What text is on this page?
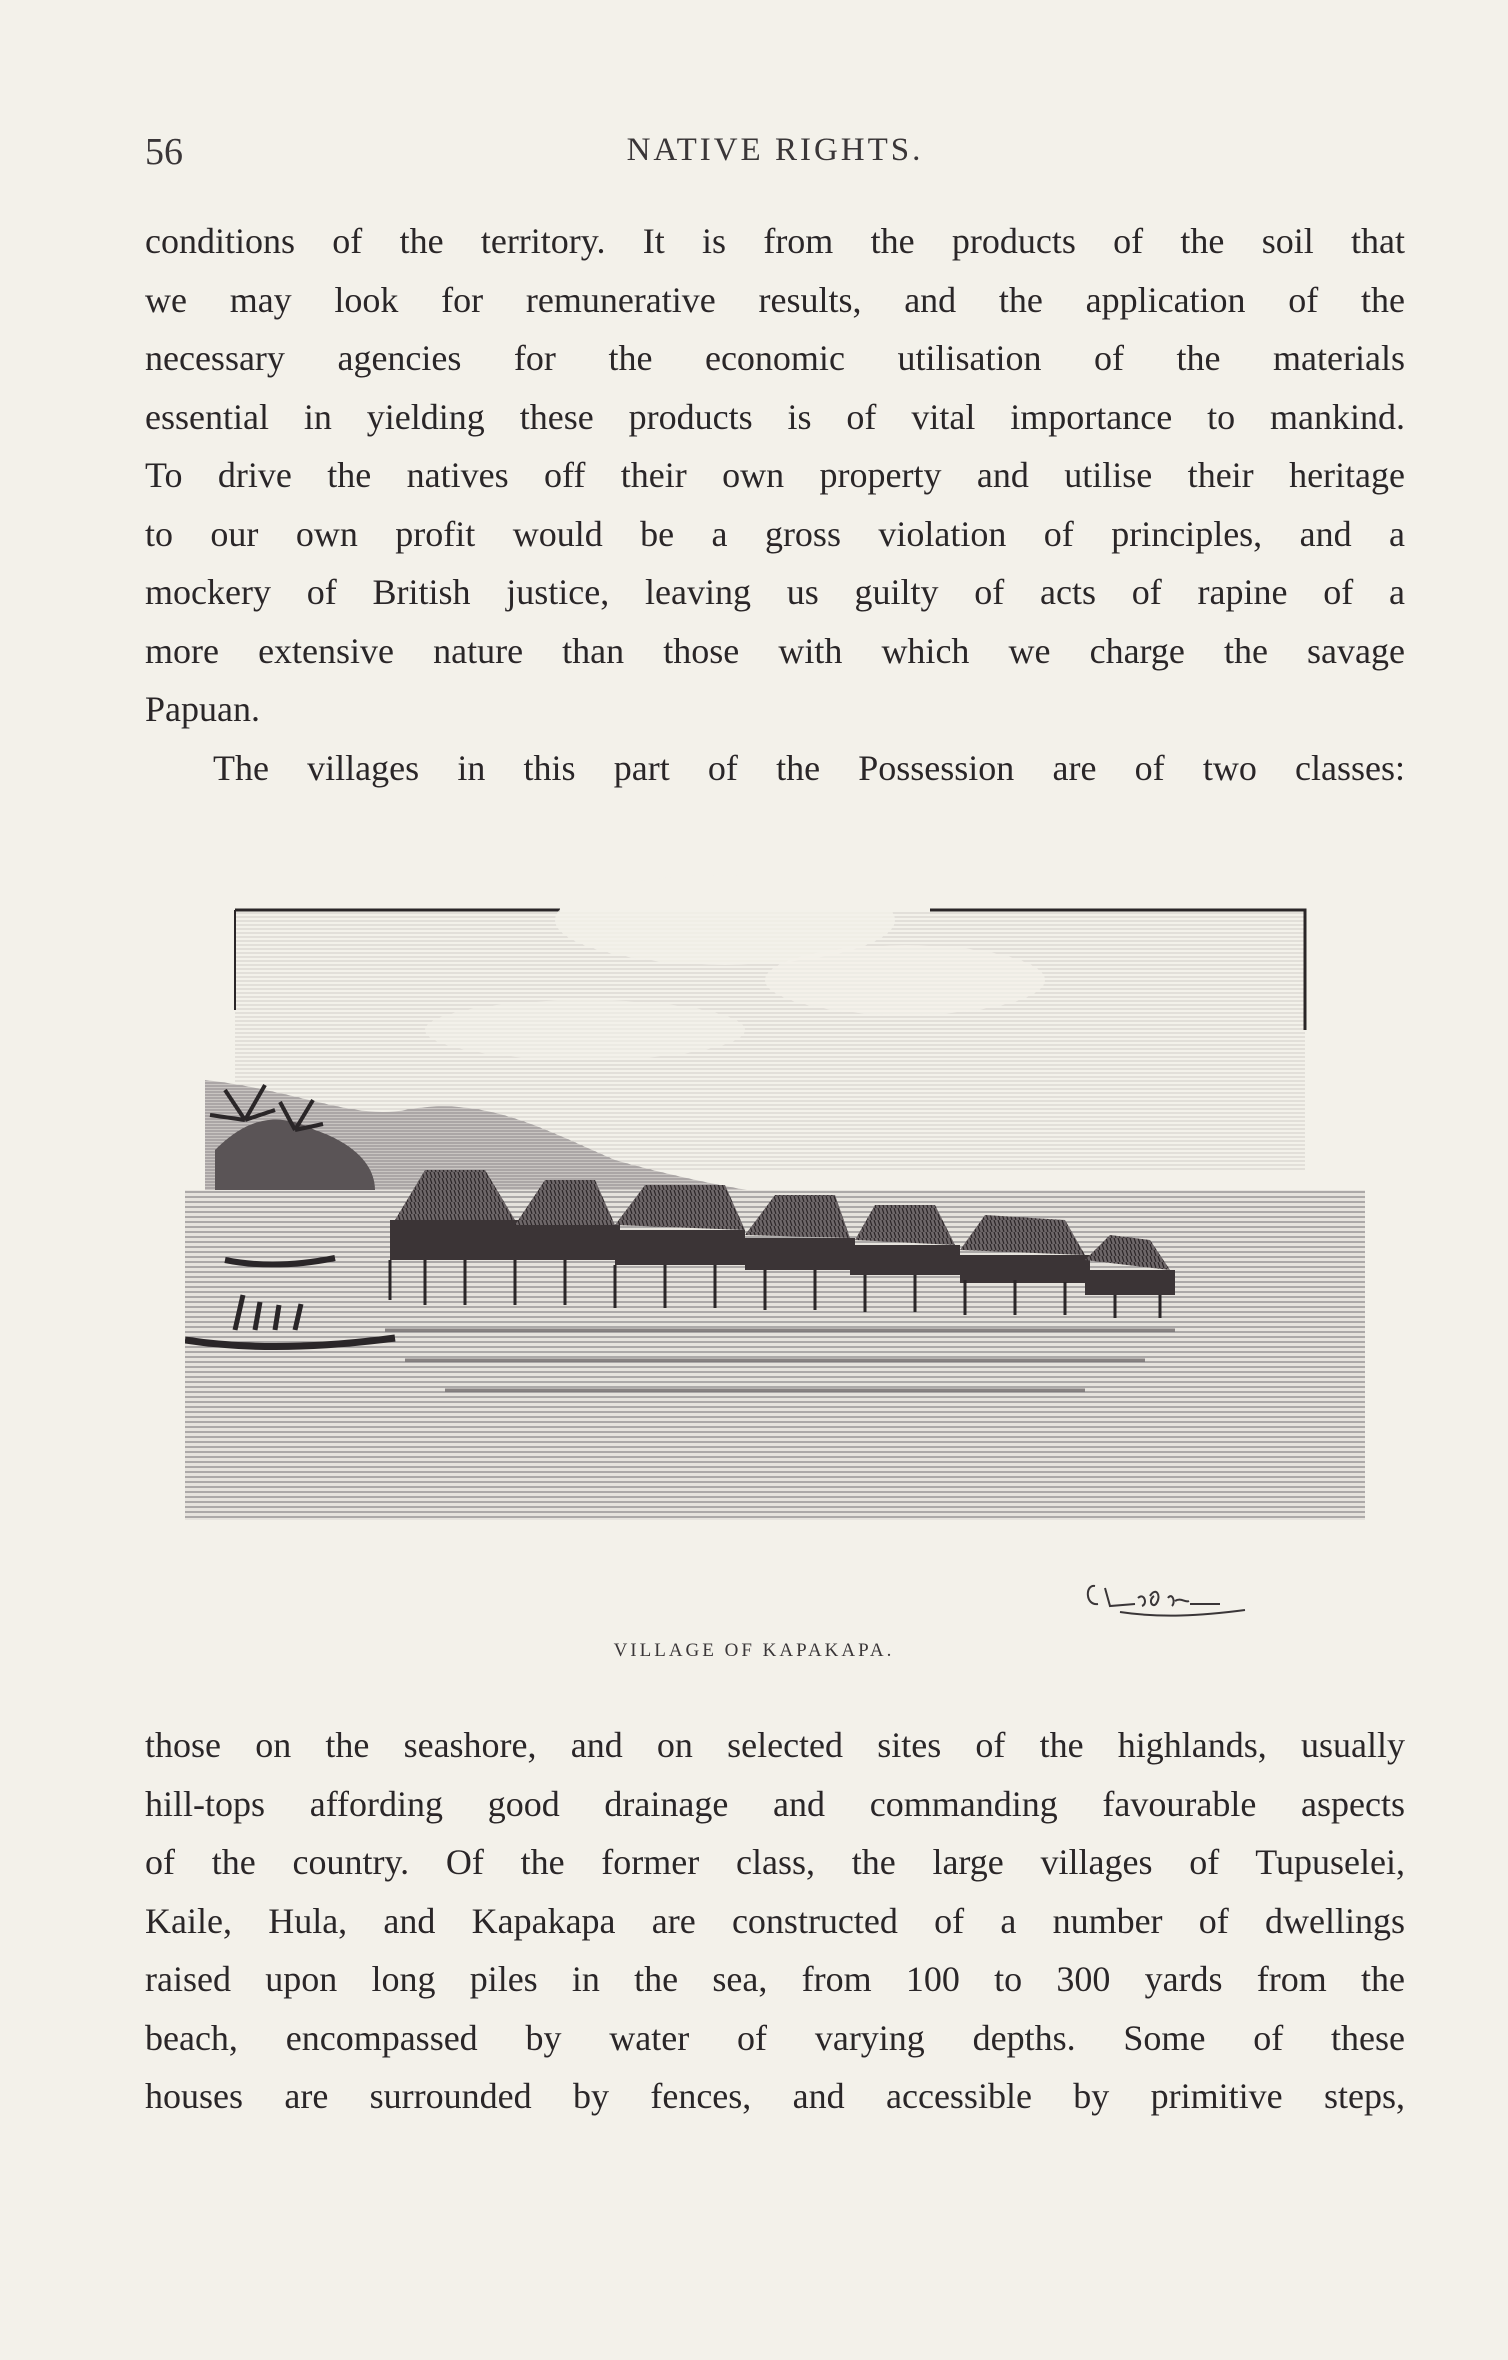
56	NATIVE RIGHTS.
conditions of the territory. It is from the products of the soil that
we may look for remunerative results, and the application of the
necessary agencies for the economic utilisation of the materials
essential in yielding these products is of vital importance to mankind.
To drive the natives off their own property and utilise their heritage
to our own profit would be a gross violation of principles, and a
mockery of British justice, leaving us guilty of acts of rapine of a
more extensive nature than those with which we charge the savage
Papuan.
The villages in this part of the Possession are of two classes:
VILLAGE OF KAPAKAPA.
those on the seashore, and on selected sites of the highlands, usually
hill-tops affording good drainage and commanding favourable aspects
of the country. Of the former class, the large villages of Tupuselei,
Kaile, Hula, and Kapakapa are constructed of a number of dwellings
raised upon long piles in the sea, from 100 to 300 yards from the
beach, encompassed by water of varying depths. Some of these
houses are surrounded by fences, and accessible by primitive steps,
